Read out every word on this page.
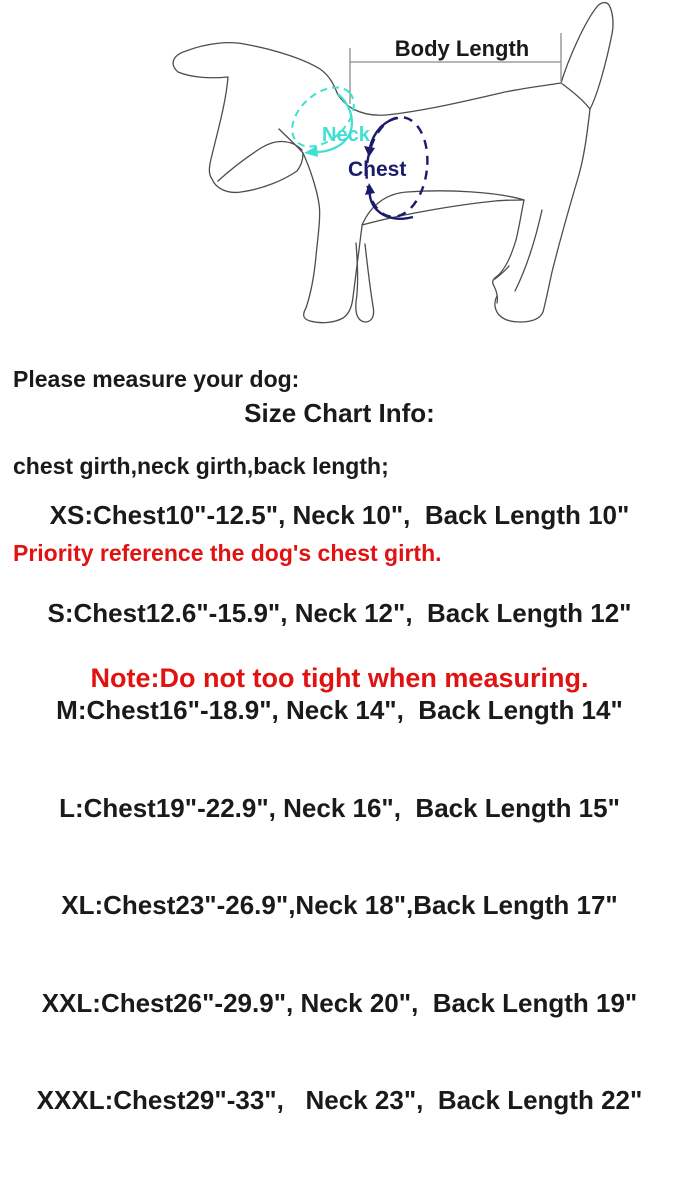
Body Length
Neck
Chest

Please measure your dog:

chest girth,neck girth,back length;

Priority reference the dog's chest girth.

Size Chart Info:

XS:Chest10"-12.5", Neck 10",  Back Length 10"

S:Chest12.6"-15.9", Neck 12",  Back Length 12"

M:Chest16"-18.9", Neck 14",  Back Length 14"

L:Chest19"-22.9", Neck 16",  Back Length 15"

XL:Chest23"-26.9",Neck 18",Back Length 17"

XXL:Chest26"-29.9", Neck 20",  Back Length 19"

XXXL:Chest29"-33",   Neck 23",  Back Length 22"

Note:Do not too tight when measuring.
